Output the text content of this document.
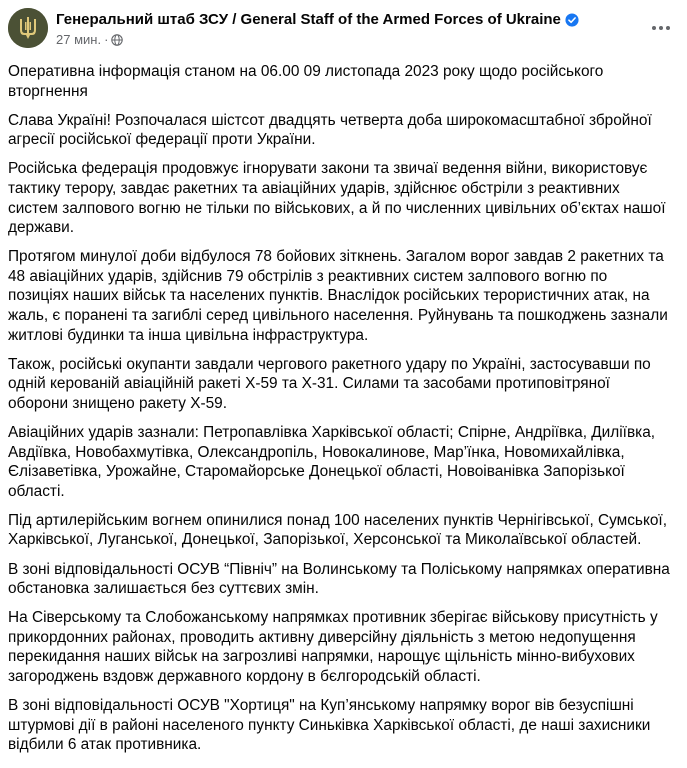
Генеральний штаб ЗСУ / General Staff of the Armed Forces of Ukraine
27 мин. ·

Оперативна інформація станом на 06.00 09 листопада 2023 року щодо російського вторгнення

Слава Україні! Розпочалася шістсот двадцять четверта доба широкомасштабної збройної агресії російської федерації проти України.

Російська федерація продовжує ігнорувати закони та звичаї ведення війни, використовує тактику терору, завдає ракетних та авіаційних ударів, здійснює обстріли з реактивних систем залпового вогню не тільки по військових, а й по численних цивільних об’єктах нашої держави.

Протягом минулої доби відбулося 78 бойових зіткнень. Загалом ворог завдав 2 ракетних та 48 авіаційних ударів, здійснив 79 обстрілів з реактивних систем залпового вогню по позиціях наших військ та населених пунктів. Внаслідок російських терористичних атак, на жаль, є поранені та загиблі серед цивільного населення. Руйнувань та пошкоджень зазнали житлові будинки та інша цивільна інфраструктура.

Також, російські окупанти завдали чергового ракетного удару по Україні, застосувавши по одній керованій авіаційній ракеті Х-59 та Х-31. Силами та засобами протиповітряної оборони знищено ракету Х-59.

Авіаційних ударів зазнали: Петропавлівка Харківської області; Спірне, Андріївка, Диліївка, Авдіївка, Новобахмутівка, Олександропіль, Новокалинове, Мар’їнка, Новомихайлівка, Єлізаветівка, Урожайне, Старомайорське Донецької області, Новоіванівка Запорізької області.

Під артилерійським вогнем опинилися понад 100 населених пунктів Чернігівської, Сумської, Харківської, Луганської, Донецької, Запорізької, Херсонської та Миколаївської областей.

В зоні відповідальності ОСУВ “Північ” на Волинському та Поліському напрямках оперативна обстановка залишається без суттєвих змін.

На Сіверському та Слобожанському напрямках противник зберігає військову присутність у прикордонних районах, проводить активну диверсійну діяльність з метою недопущення перекидання наших військ на загрозливі напрямки, нарощує щільність мінно-вибухових загороджень вздовж державного кордону в бєлгородській області.

В зоні відповідальності ОСУВ "Хортиця" на Куп’янському напрямку ворог вів безуспішні штурмові дії в районі населеного пункту Синьківка Харківської області, де наші захисники відбили 6 атак противника.
